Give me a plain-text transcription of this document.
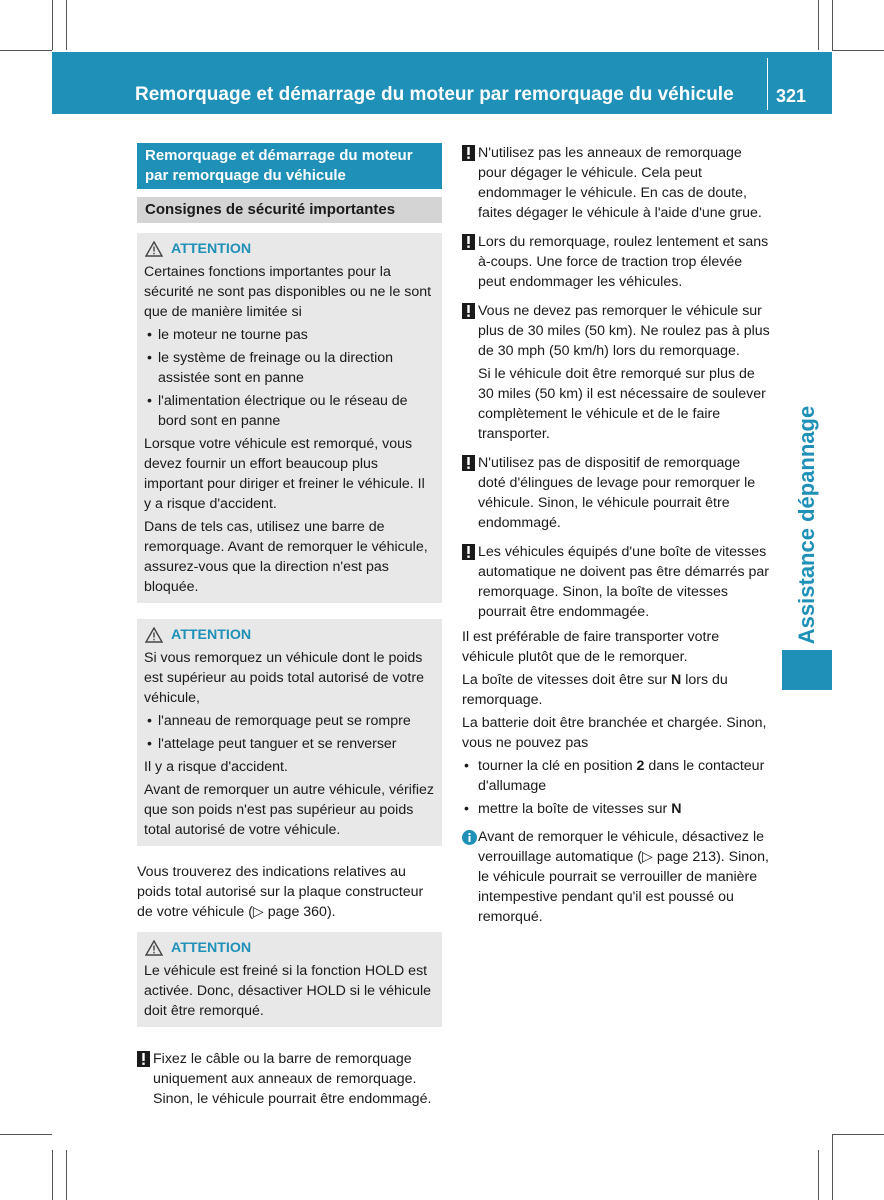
Remorquage et démarrage du moteur par remorquage du véhicule 321
Assistance dépannage
Remorquage et démarrage du moteur par remorquage du véhicule
Consignes de sécurité importantes
ATTENTION

Certaines fonctions importantes pour la sécurité ne sont pas disponibles ou ne le sont que de manière limitée si

• le moteur ne tourne pas
• le système de freinage ou la direction assistée sont en panne
• l'alimentation électrique ou le réseau de bord sont en panne

Lorsque votre véhicule est remorqué, vous devez fournir un effort beaucoup plus important pour diriger et freiner le véhicule. Il y a risque d'accident.

Dans de tels cas, utilisez une barre de remorquage. Avant de remorquer le véhicule, assurez-vous que la direction n'est pas bloquée.

ATTENTION

Si vous remorquez un véhicule dont le poids est supérieur au poids total autorisé de votre véhicule,

• l'anneau de remorquage peut se rompre
• l'attelage peut tanguer et se renverser

Il y a risque d'accident.

Avant de remorquer un autre véhicule, vérifiez que son poids n'est pas supérieur au poids total autorisé de votre véhicule.

Vous trouverez des indications relatives au poids total autorisé sur la plaque constructeur de votre véhicule (▷ page 360).

ATTENTION

Le véhicule est freiné si la fonction HOLD est activée. Donc, désactiver HOLD si le véhicule doit être remorqué.

Fixez le câble ou la barre de remorquage uniquement aux anneaux de remorquage. Sinon, le véhicule pourrait être endommagé.
N'utilisez pas les anneaux de remorquage pour dégager le véhicule. Cela peut endommager le véhicule. En cas de doute, faites dégager le véhicule à l'aide d'une grue.
Lors du remorquage, roulez lentement et sans à-coups. Une force de traction trop élevée peut endommager les véhicules.
Vous ne devez pas remorquer le véhicule sur plus de 30 miles (50 km). Ne roulez pas à plus de 30 mph (50 km/h) lors du remorquage.

Si le véhicule doit être remorqué sur plus de 30 miles (50 km) il est nécessaire de soulever complètement le véhicule et de le faire transporter.

N'utilisez pas de dispositif de remorquage doté d'élingues de levage pour remorquer le véhicule. Sinon, le véhicule pourrait être endommagé.
Les véhicules équipés d'une boîte de vitesses automatique ne doivent pas être démarrés par remorquage. Sinon, la boîte de vitesses pourrait être endommagée.

Il est préférable de faire transporter votre véhicule plutôt que de le remorquer.

La boîte de vitesses doit être sur N lors du remorquage.

La batterie doit être branchée et chargée. Sinon, vous ne pouvez pas

• tourner la clé en position 2 dans le contacteur d'allumage
• mettre la boîte de vitesses sur N
Avant de remorquer le véhicule, désactivez le verrouillage automatique (▷ page 213). Sinon, le véhicule pourrait se verrouiller de manière intempestive pendant qu'il est poussé ou remorqué.
